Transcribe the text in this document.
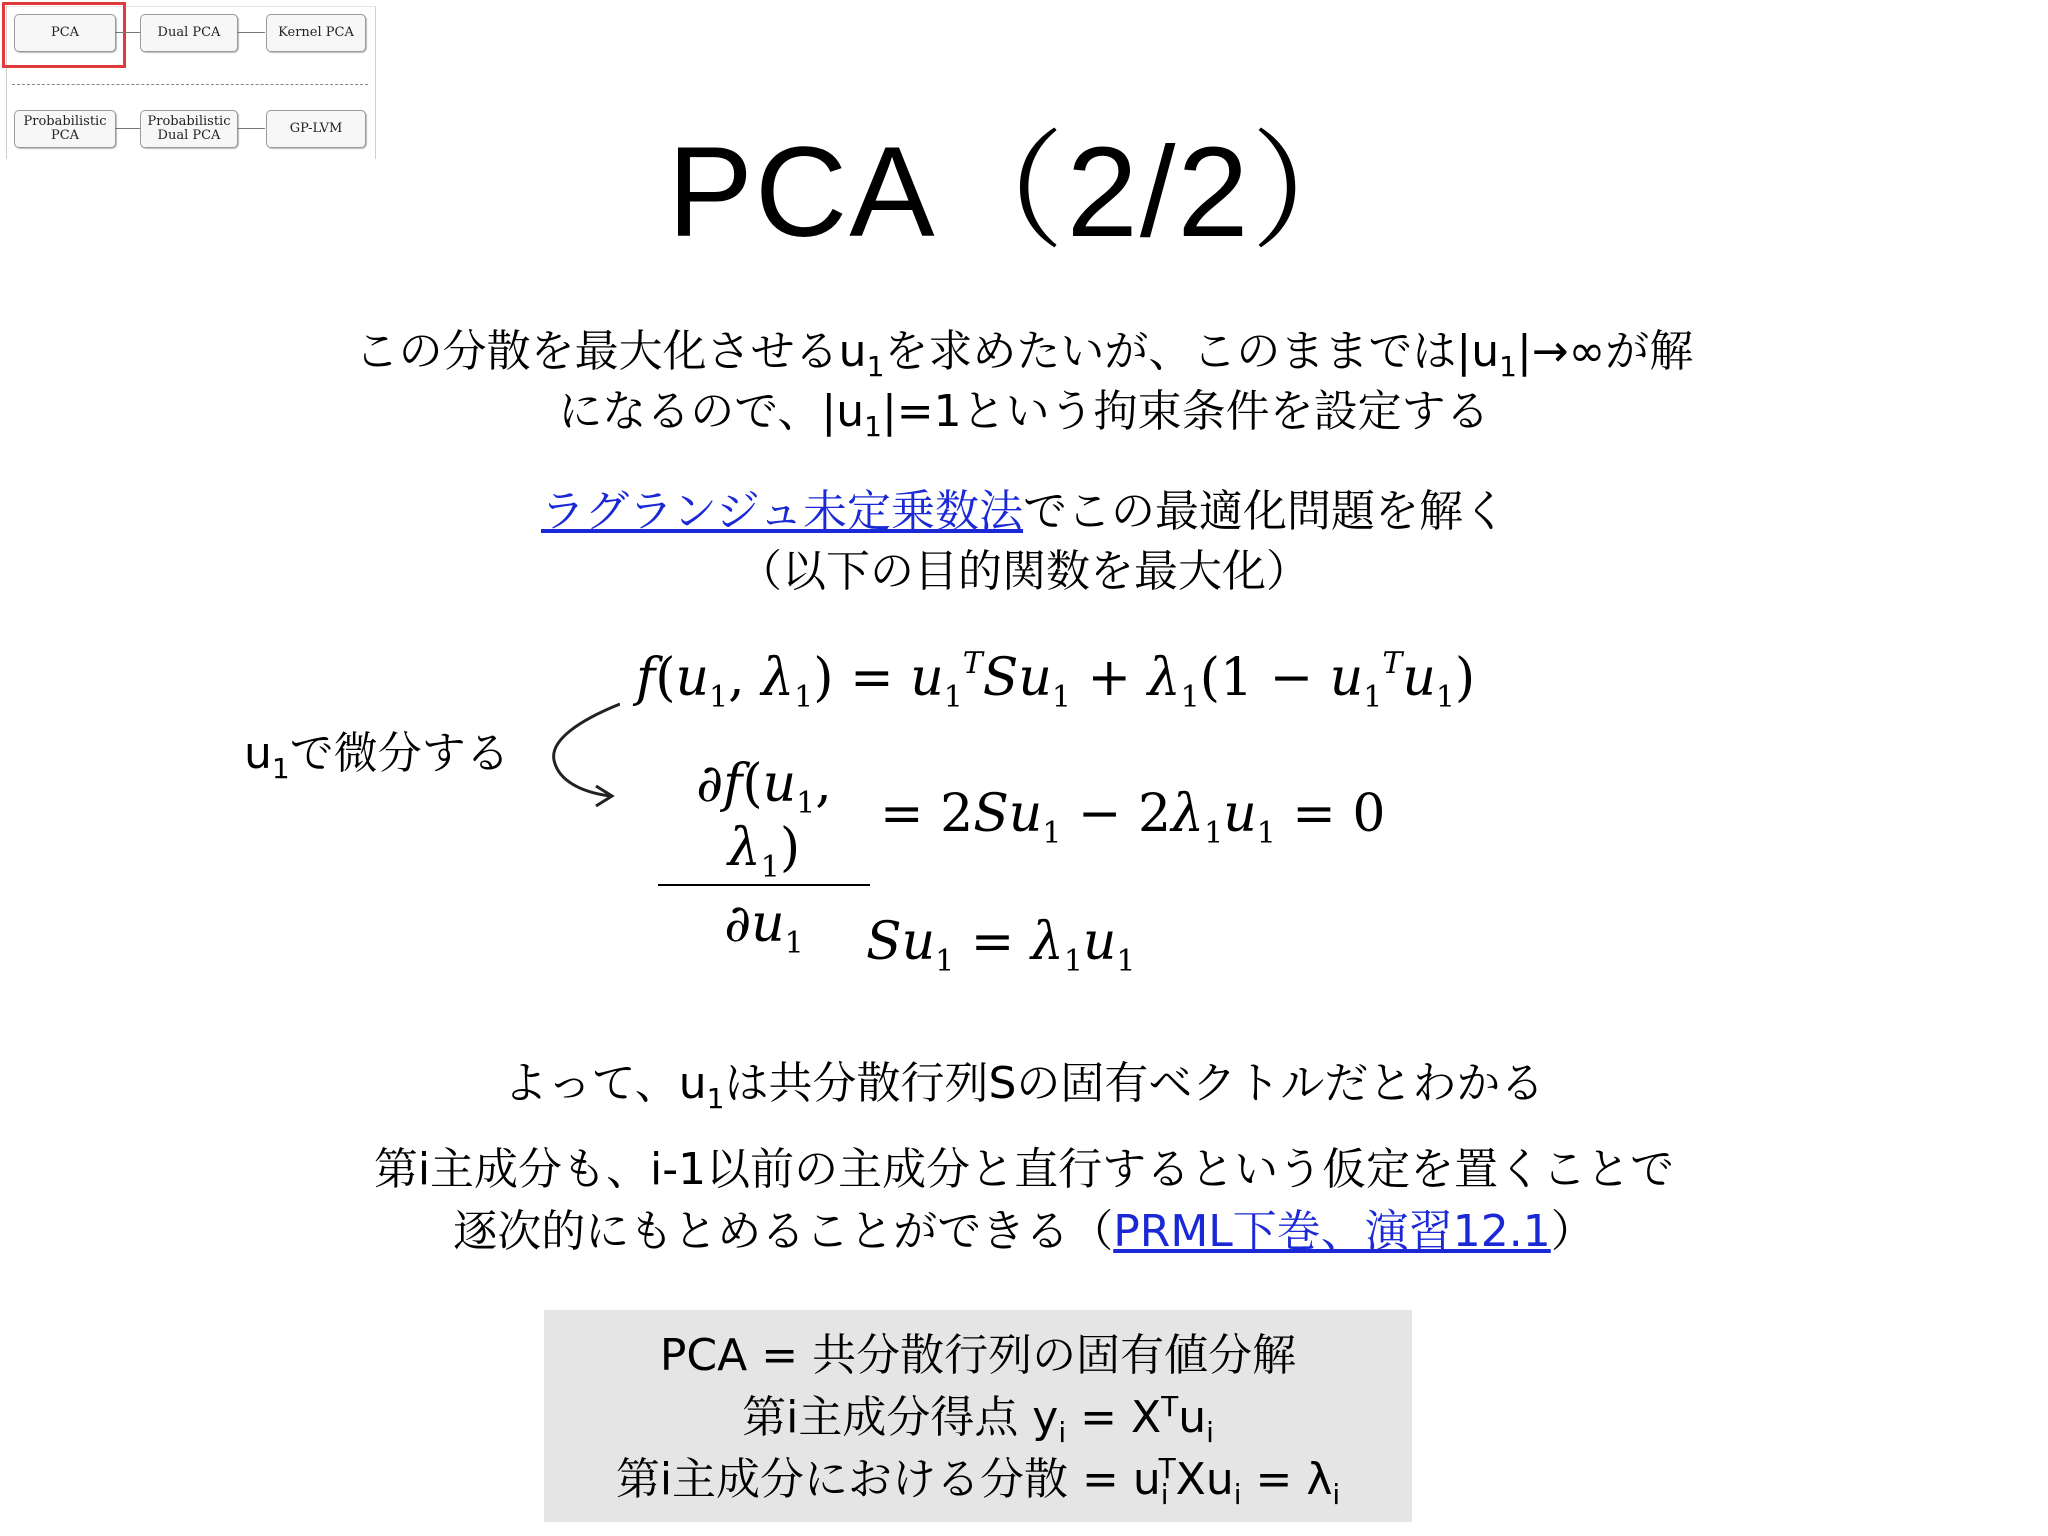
PCA	Dual PCA	Kernel PCA
Probabilistic
PCA
Probabilistic
Dual PCA	GP-LVM	PCA（2/2）
この分散を最大化させる$u_1$を求めたいが、このままでは$|u_1|\to\infty$が解
になるので、$|u_1|=1$という拘束条件を設定する
ラグランジュ未定乗数法でこの最適化問題を解く
（以下の目的関数を最大化）
$f(u_1$, $\lambda_1) = u_1^TSu_1 + \lambda_1(1 - u_1^Tu_1)$
$u_1$で微分する
$\partial f(u_1$, $\lambda_1$)
$\partial u_1$
= $2Su_1 - 2\lambda_1u_1 = 0$
$Su_1 = \lambda_1u_1$
よって、$u_1$は共分散行列Sの固有ベクトルだとわかる
第i主成分も、i-1以前の主成分と直行するという仮定を置くことで
逐次的にもとめることができる（PRML下巻、演習12.1）
PCA = 共分散行列の固有値分解
第i主成分得点 $y_i = X^Tu_i$
第i主成分における分散 = $u_i^TXu_i = \lambda_i$
